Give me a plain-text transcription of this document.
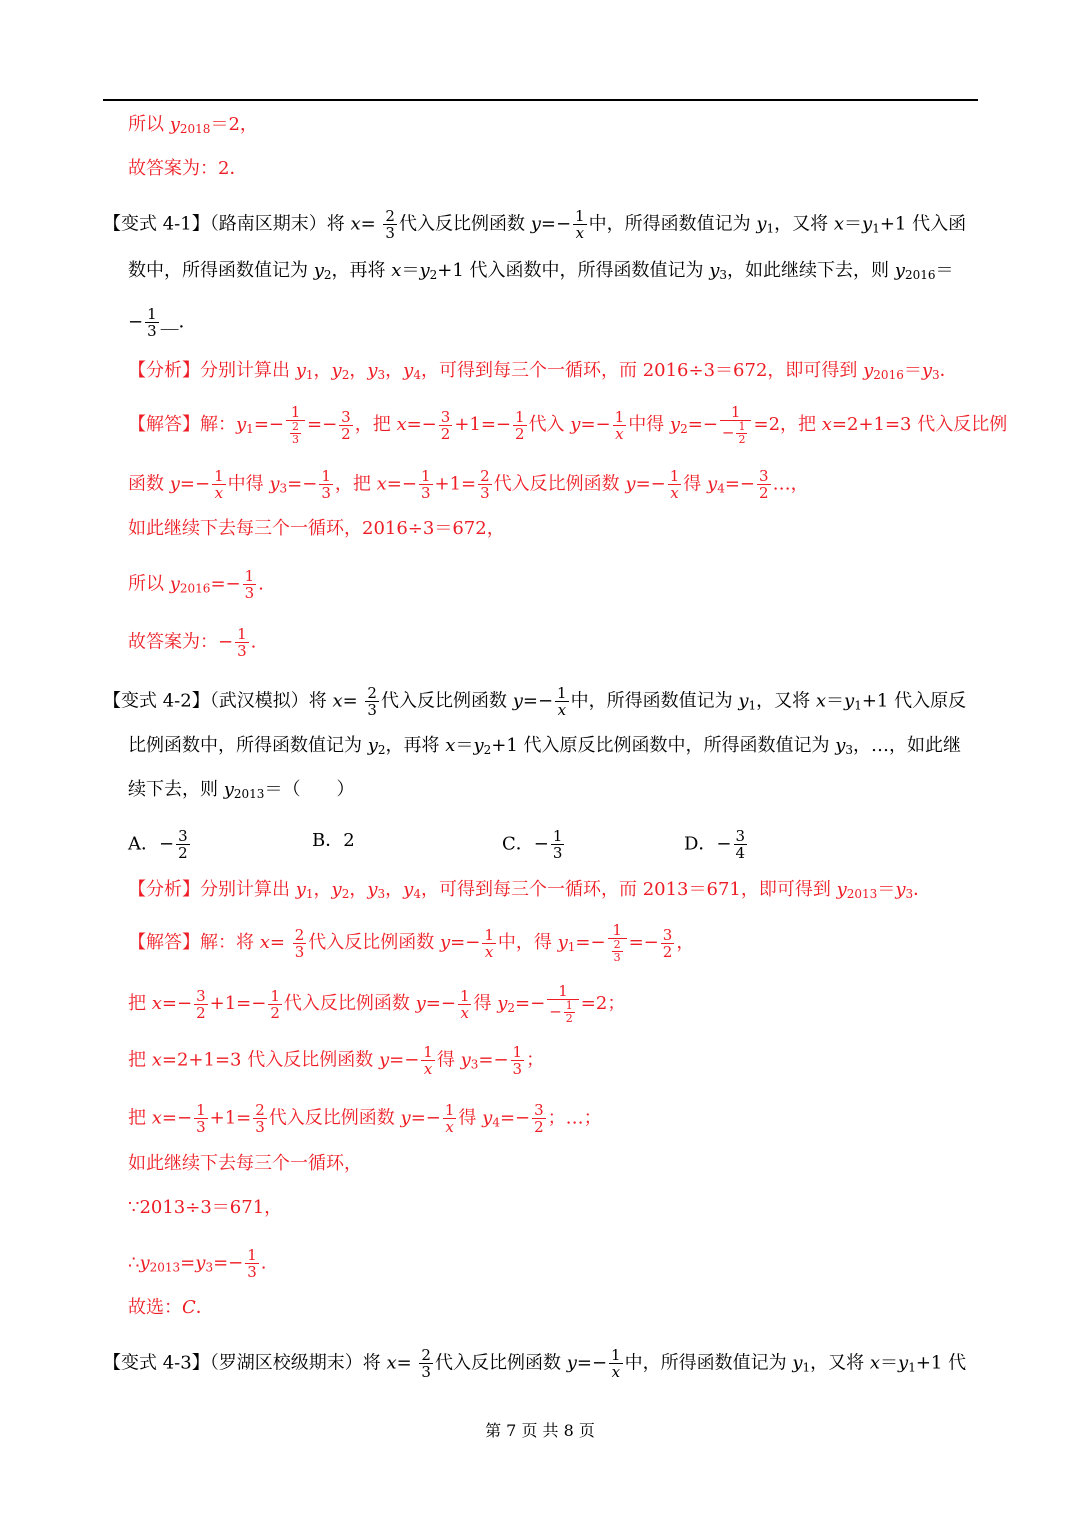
所以 $y_{2018}=2$，
故答案为：2．
【变式 4-1】（路南区期末）将 $x= \frac{2}{3}$ 代入反比例函数 $y=- \frac{1}{x}$ 中，所得函数值记为 $y_1$，又将 $x=y_1+1$ 代入函
数中，所得函数值记为 $y_2$，再将 $x=y_2+1$ 代入函数中，所得函数值记为 $y_3$，如此继续下去，则 $y_{2016}=$
− $\frac{1}{3}$ ＿．
【分析】分别计算出 $y_1$，$y_2$，$y_3$，$y_4$，可得到每三个一循环，而 2016÷3＝672，即可得到 $y_{2016}=y_3$．
【解答】解：$y_1=- \frac{1}{\frac{2}{3}} =- \frac{3}{2}$ ，把 $x=- \frac{3}{2} +1=- \frac{1}{2}$ 代入 $y=- \frac{1}{x}$ 中得 $y_2=- \frac{1}{- \frac{1}{2}} =2$，把 x=2+1=3 代入反比例
函数 $y=- \frac{1}{x}$ 中得 $y_3=- \frac{1}{3}$ ，把 $x=- \frac{1}{3} +1= \frac{2}{3}$ 代入反比例函数 $y=- \frac{1}{x}$ 得 $y_4=- \frac{3}{2}$ …，
如此继续下去每三个一循环，2016÷3＝672，
所以 $y_{2016}=- \frac{1}{3}$ .
故答案为：− $\frac{1}{3}$ .
【变式 4-2】（武汉模拟）将 $x= \frac{2}{3}$ 代入反比例函数 $y=- \frac{1}{x}$ 中，所得函数值记为 $y_1$，又将 $x=y_1+1$ 代入原反
比例函数中，所得函数值记为 $y_2$，再将 $x=y_2+1$ 代入原反比例函数中，所得函数值记为 $y_3$，…，如此继
续下去，则 $y_{2013}=$（　　）
A．− $\frac{3}{2}$	B．2	C．− $\frac{1}{3}$	D．− $\frac{3}{4}$
【分析】分别计算出 $y_1$，$y_2$，$y_3$，$y_4$，可得到每三个一循环，而 2013＝671，即可得到 $y_{2013}=y_3$．
【解答】解：将 $x= \frac{2}{3}$ 代入反比例函数 $y=- \frac{1}{x}$ 中，得 $y_1=- \frac{1}{\frac{2}{3}} =- \frac{3}{2}$ ，
把 $x=- \frac{3}{2} +1=- \frac{1}{2}$ 代入反比例函数 $y=- \frac{1}{x}$ 得 $y_2=- \frac{1}{- \frac{1}{2}} =2$；
把 x=2+1=3 代入反比例函数 $y=- \frac{1}{x}$ 得 $y_3=- \frac{1}{3}$ ；
把 $x=- \frac{1}{3} +1= \frac{2}{3}$ 代入反比例函数 $y=- \frac{1}{x}$ 得 $y_4=- \frac{3}{2}$ ；…；
如此继续下去每三个一循环，
∵2013÷3＝671，
$\therefore y_{2013}=y_3=- \frac{1}{3}$ .
故选：C．
【变式 4-3】（罗湖区校级期末）将 $x= \frac{2}{3}$ 代入反比例函数 $y=- \frac{1}{x}$ 中，所得函数值记为 $y_1$，又将 $x=y_1+1$ 代
第 7 页 共 8 页
